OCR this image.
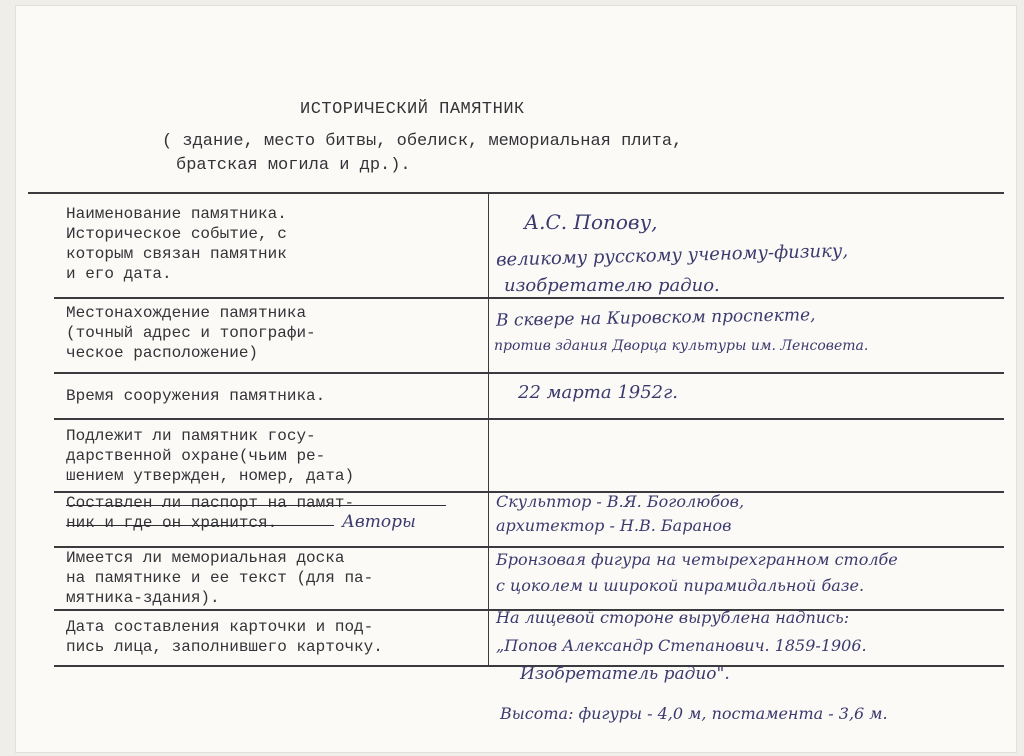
ИСТОРИЧЕСКИЙ ПАМЯТНИК
( здание, место битвы, обелиск, мемориальная плита,
братская могила и др.).
Наименование памятника.
Историческое событие, с
которым связан памятник
и его дата.
Местонахождение памятника
(точный адрес и топографи-
ческое расположение)
Время сооружения памятника.
Подлежит ли памятник госу-
дарственной охране(чьим ре-
шением утвержден, номер, дата)
Составлен ли паспорт на памят-
ник и где он хранится.	Авторы
Имеется ли мемориальная доска
на памятнике и ее текст (для па-
мятника-здания).
Дата составления карточки и под-
пись лица, заполнившего карточку.
А.С. Попову,
великому русскому ученому-физику,
изобретателю радио.
В сквере на Кировском проспекте,
против здания Дворца культуры им. Ленсовета.
22 марта 1952г.
Скульптор - В.Я. Боголюбов,
архитектор - Н.В. Баранов
Бронзовая фигура на четырехгранном столбе
с цоколем и широкой пирамидальной базе.
На лицевой стороне вырублена надпись:
„Попов Александр Степанович. 1859-1906.
Изобретатель радио".
Высота: фигуры - 4,0 м, постамента - 3,6 м.
